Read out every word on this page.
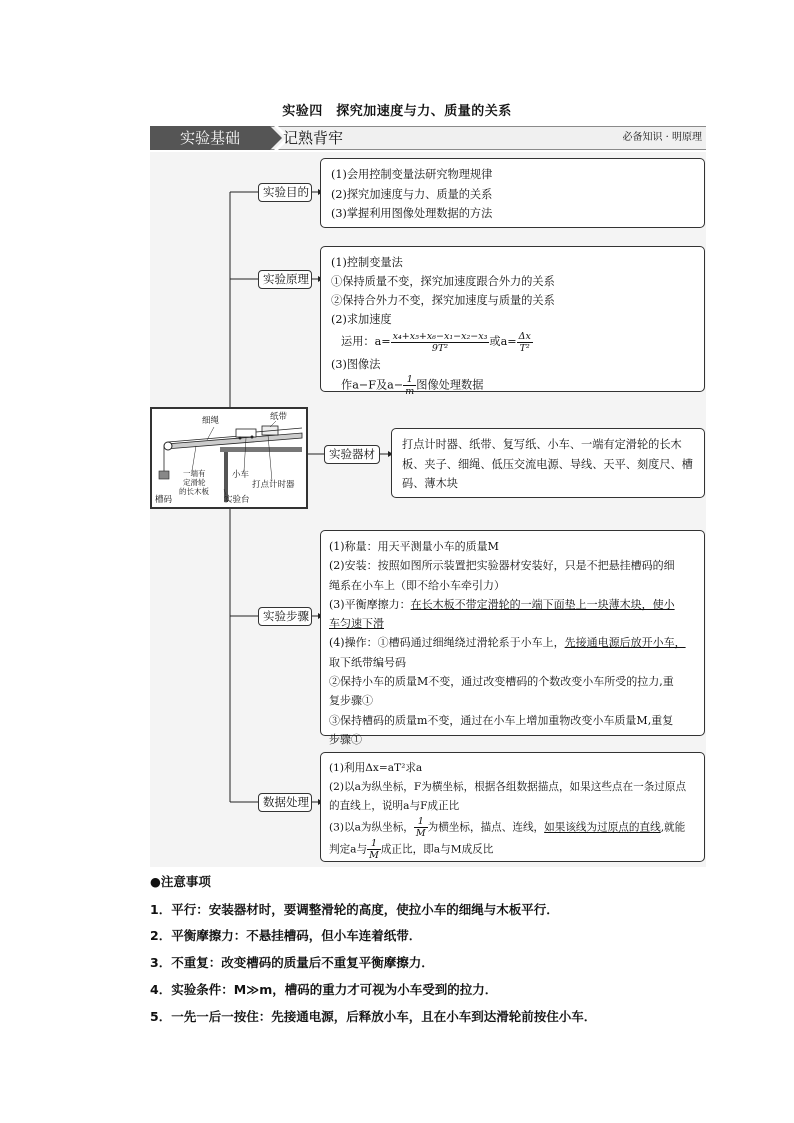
实验四　探究加速度与力、质量的关系
实验基础	记熟背牢	必备知识 · 明原理
实验目的
实验原理
实验器材
实验步骤
数据处理
(1)会用控制变量法研究物理规律
(2)探究加速度与力、质量的关系
(3)掌握利用图像处理数据的方法
(1)控制变量法
①保持质量不变，探究加速度跟合外力的关系
②保持合外力不变，探究加速度与质量的关系
(2)求加速度
运用：$a= \frac{\text{x₄+x₅+x₆−x₁−x₂−x₃}}{\text{9T²}}$ 或$a= \frac{\Delta x}{\text{T²}}$
(3)图像法
作a−F及$a- \frac{1}{m}$ 图像处理数据
细绳	纸带
一端有
定滑轮
的长木板
小车
打点计时器
槽码	实验台
打点计时器、纸带、复写纸、小车、一端有定滑轮的长木板、夹子、细绳、低压交流电源、导线、天平、刻度尺、槽码、薄木块
(1)称量：用天平测量小车的质量M
(2)安装：按照如图所示装置把实验器材安装好，只是不把悬挂槽码的细
绳系在小车上（即不给小车牵引力）
(3)平衡摩擦力：在长木板不带定滑轮的一端下面垫上一块薄木块，使小
车匀速下滑
(4)操作：①槽码通过细绳绕过滑轮系于小车上，先接通电源后放开小车，
取下纸带编号码
②保持小车的质量M不变，通过改变槽码的个数改变小车所受的拉力,重
复步骤①
③保持槽码的质量m不变，通过在小车上增加重物改变小车质量M,重复
步骤①
(1)利用Δx=aT²求a
(2)以a为纵坐标，F为横坐标，根据各组数据描点，如果这些点在一条过原点
的直线上，说明a与F成正比
(3)以a为纵坐标， $\frac{1}{M}$ 为横坐标，描点、连线，如果该线为过原点的直线,就能
判定a与 $\frac{1}{M}$ 成正比，即a与M成反比
●注意事项
1．平行：安装器材时，要调整滑轮的高度，使拉小车的细绳与木板平行．
2．平衡摩擦力：不悬挂槽码，但小车连着纸带．
3．不重复：改变槽码的质量后不重复平衡摩擦力．
4．实验条件：M≫m，槽码的重力才可视为小车受到的拉力．
5．一先一后一按住：先接通电源，后释放小车，且在小车到达滑轮前按住小车．
